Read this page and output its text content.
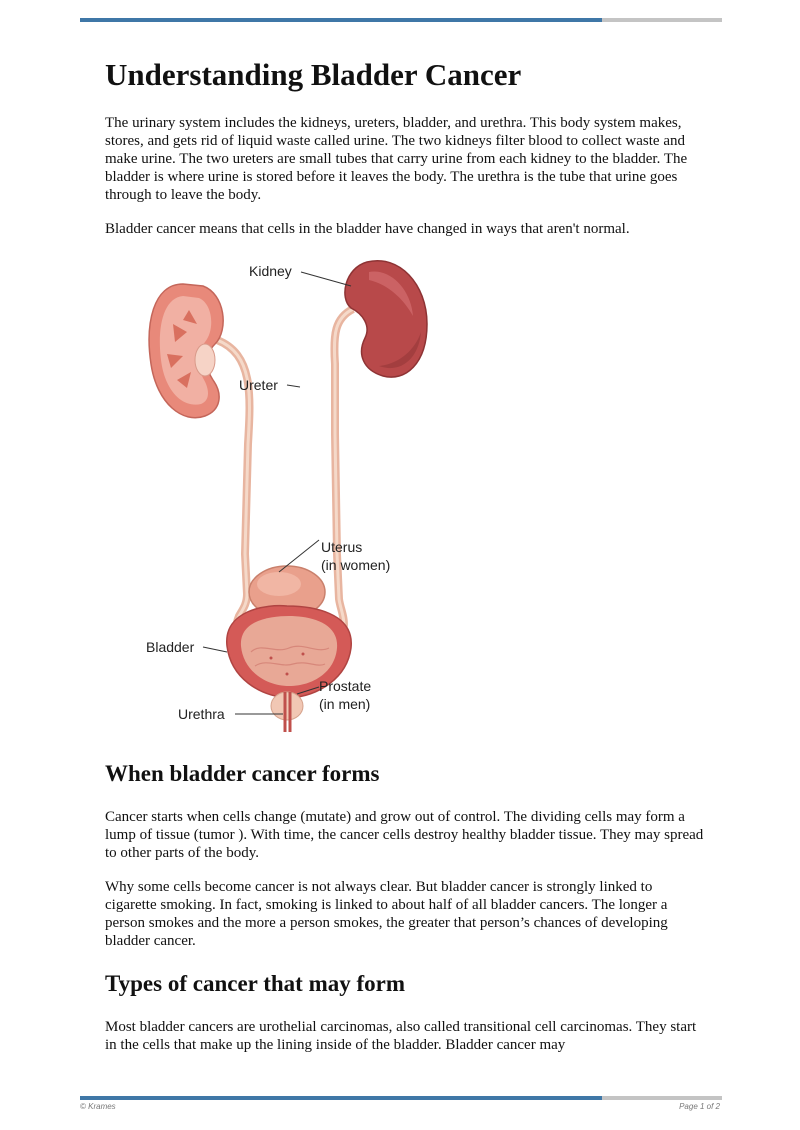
Understanding Bladder Cancer

The urinary system includes the kidneys, ureters, bladder, and urethra. This body system makes, stores, and gets rid of liquid waste called urine. The two kidneys filter blood to collect waste and make urine. The two ureters are small tubes that carry urine from each kidney to the bladder. The bladder is where urine is stored before it leaves the body. The urethra is the tube that urine goes through to leave the body.

Bladder cancer means that cells in the bladder have changed in ways that aren't normal.

Kidney
Ureter
Uterus
(in women)
Bladder
Prostate
(in men)
Urethra
When bladder cancer forms

Cancer starts when cells change (mutate) and grow out of control. The dividing cells may form a lump of tissue (tumor ). With time, the cancer cells destroy healthy bladder tissue. They may spread to other parts of the body.

Why some cells become cancer is not always clear. But bladder cancer is strongly linked to cigarette smoking. In fact, smoking is linked to about half of all bladder cancers. The longer a person smokes and the more a person smokes, the greater that person’s chances of developing bladder cancer.

Types of cancer that may form

Most bladder cancers are urothelial carcinomas, also called transitional cell carcinomas. They start in the cells that make up the lining inside of the bladder. Bladder cancer may

© Krames	Page 1 of 2
